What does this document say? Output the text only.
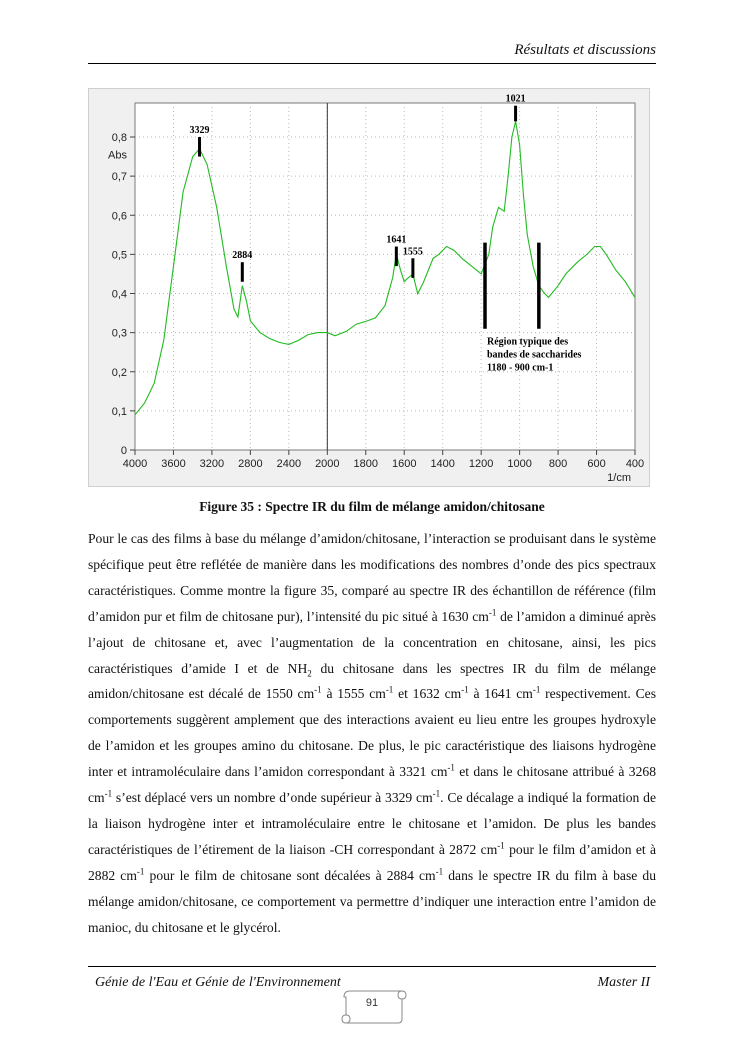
Résultats et discussions
4000 3600 3200 2800 2400 2000 1800 1600 1400 1200 1000 800 600 400
0
0,1
0,2
0,3
0,4
0,5
0,6
0,7
0,8
Abs
1/cm
3329
2884
1641
1555
1021
Région typique des
bandes de saccharides
1180 - 900 cm-1
Figure 35 : Spectre IR du film de mélange amidon/chitosane
Pour le cas des films à base du mélange d’amidon/chitosane, l’interaction se produisant dans le système spécifique peut être reflétée de manière dans les modifications des nombres d’onde des pics spectraux caractéristiques. Comme montre la figure 35, comparé au spectre IR des échantillon de référence (film d’amidon pur et film de chitosane pur), l’intensité du pic situé à 1630 $cm^{-1}$ de l’amidon a diminué après l’ajout de chitosane et, avec l’augmentation de la concentration en chitosane, ainsi, les pics caractéristiques d’amide I et de $NH_2$ du chitosane dans les spectres IR du film de mélange amidon/chitosane est décalé de 1550 $cm^{-1}$ à 1555 $cm^{-1}$ et 1632 $cm^{-1}$ à 1641 $cm^{-1}$ respectivement. Ces comportements suggèrent amplement que des interactions avaient eu lieu entre les groupes hydroxyle de l’amidon et les groupes amino du chitosane. De plus, le pic caractéristique des liaisons hydrogène inter et intramoléculaire dans l’amidon correspondant à 3321 $cm^{-1}$ et dans le chitosane attribué à 3268 $cm^{-1}$ s’est déplacé vers un nombre d’onde supérieur à 3329 $cm^{-1}$. Ce décalage a indiqué la formation de la liaison hydrogène inter et intramoléculaire entre le chitosane et l’amidon. De plus les bandes caractéristiques de l’étirement de la liaison -CH correspondant à 2872 $cm^{-1}$ pour le film d’amidon et à 2882 $cm^{-1}$ pour le film de chitosane sont décalées à 2884 $cm^{-1}$ dans le spectre IR du film à base du mélange amidon/chitosane, ce comportement va permettre d’indiquer une interaction entre l’amidon de manioc, du chitosane et le glycérol.
Génie de l'Eau et Génie de l'Environnement	Master II
91
